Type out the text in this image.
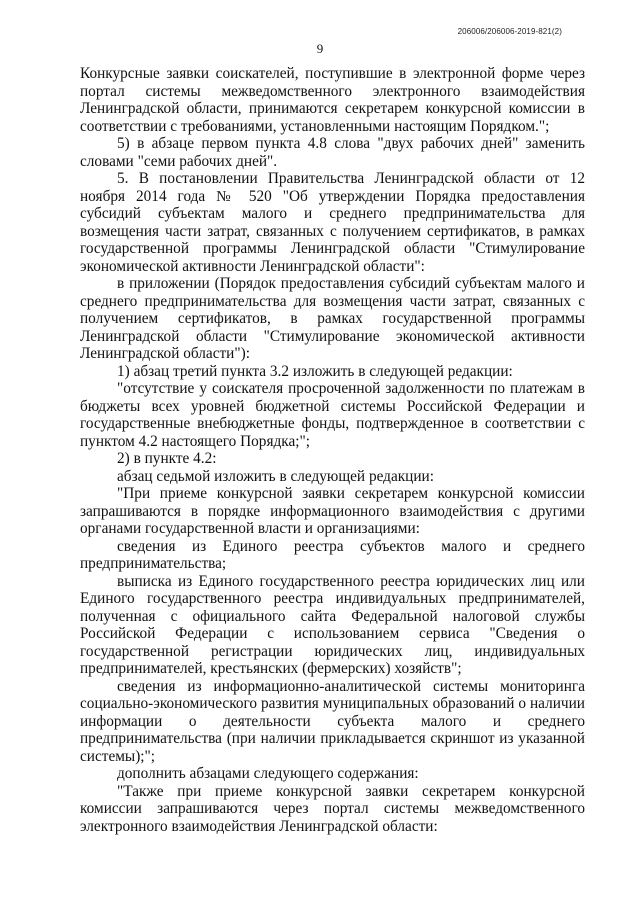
206006/206006-2019-821(2)
9

Конкурсные заявки соискателей, поступившие в электронной форме через портал системы межведомственного электронного взаимодействия Ленинградской области, принимаются секретарем конкурсной комиссии в соответствии с требованиями, установленными настоящим Порядком.";

5) в абзаце первом пункта 4.8 слова "двух рабочих дней" заменить словами "семи рабочих дней".

5. В постановлении Правительства Ленинградской области от 12 ноября 2014 года № 520 "Об утверждении Порядка предоставления субсидий субъектам малого и среднего предпринимательства для возмещения части затрат, связанных с получением сертификатов, в рамках государственной программы Ленинградской области "Стимулирование экономической активности Ленинградской области":

в приложении (Порядок предоставления субсидий субъектам малого и среднего предпринимательства для возмещения части затрат, связанных с получением сертификатов, в рамках государственной программы Ленинградской области "Стимулирование экономической активности Ленинградской области"):

1) абзац третий пункта 3.2 изложить в следующей редакции:

"отсутствие у соискателя просроченной задолженности по платежам в бюджеты всех уровней бюджетной системы Российской Федерации и государственные внебюджетные фонды, подтвержденное в соответствии с пунктом 4.2 настоящего Порядка;";

2) в пункте 4.2:

абзац седьмой изложить в следующей редакции:

"При приеме конкурсной заявки секретарем конкурсной комиссии запрашиваются в порядке информационного взаимодействия с другими органами государственной власти и организациями:

сведения из Единого реестра субъектов малого и среднего предпринимательства;

выписка из Единого государственного реестра юридических лиц или Единого государственного реестра индивидуальных предпринимателей, полученная с официального сайта Федеральной налоговой службы Российской Федерации с использованием сервиса "Сведения о государственной регистрации юридических лиц, индивидуальных предпринимателей, крестьянских (фермерских) хозяйств";

сведения из информационно-аналитической системы мониторинга социально-экономического развития муниципальных образований о наличии информации о деятельности субъекта малого и среднего предпринимательства (при наличии прикладывается скриншот из указанной системы);";

дополнить абзацами следующего содержания:

"Также при приеме конкурсной заявки секретарем конкурсной комиссии запрашиваются через портал системы межведомственного электронного взаимодействия Ленинградской области:
